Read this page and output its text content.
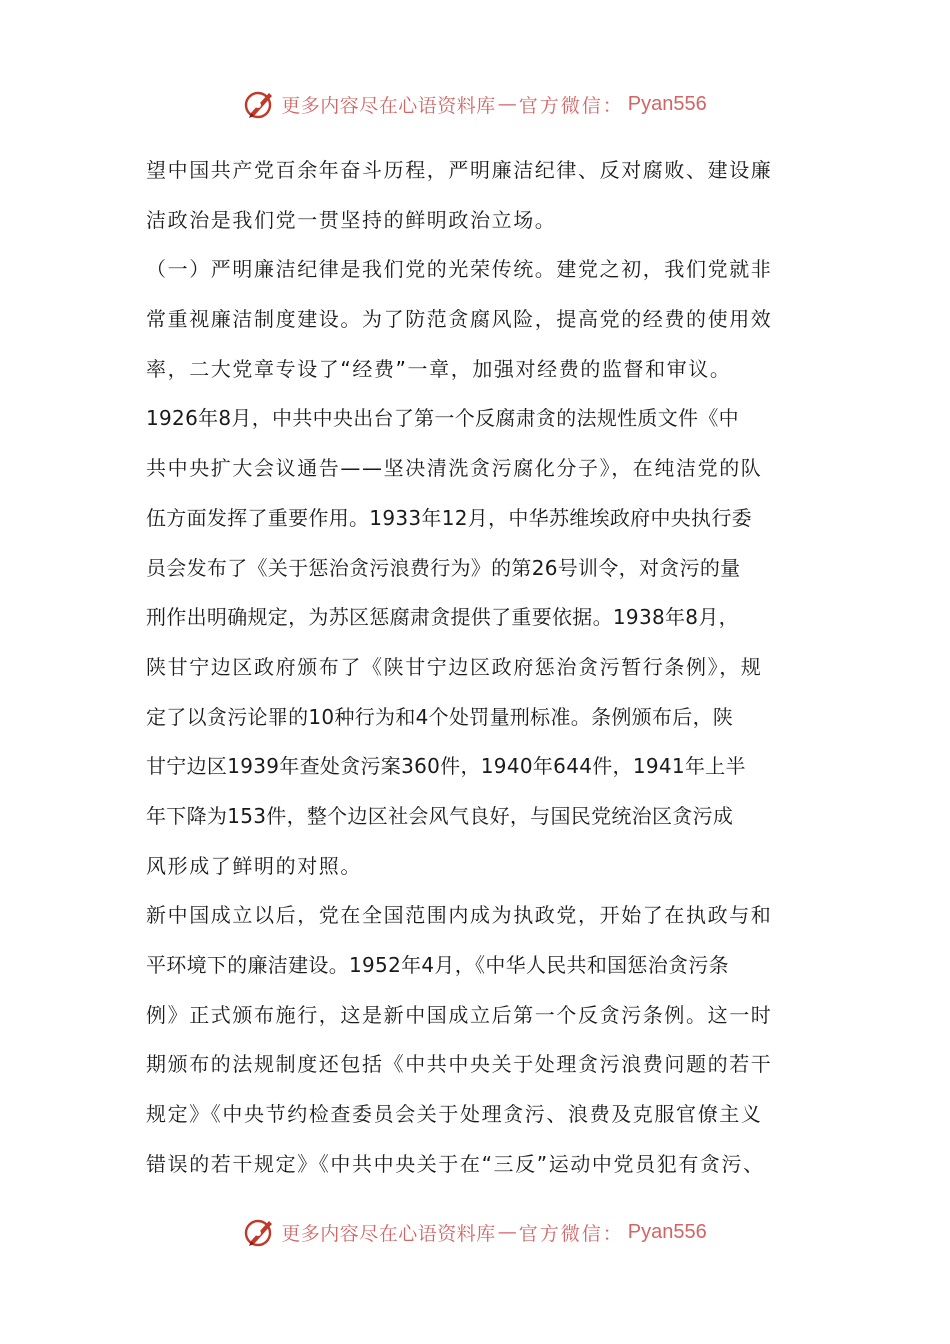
更多内容尽在心语资料库 — 官方微信： Pyan556
望中国共产党百余年奋斗历程，严明廉洁纪律、反对腐败、建设廉
洁政治是我们党一贯坚持的鲜明政治立场。
（一）严明廉洁纪律是我们党的光荣传统。建党之初，我们党就非
常重视廉洁制度建设。为了防范贪腐风险，提高党的经费的使用效
率，二大党章专设了“经费”一章，加强对经费的监督和审议。
1926年8月，中共中央出台了第一个反腐肃贪的法规性质文件《中
共中央扩大会议通告——坚决清洗贪污腐化分子》，在纯洁党的队
伍方面发挥了重要作用。1933年12月，中华苏维埃政府中央执行委
员会发布了《关于惩治贪污浪费行为》的第26号训令，对贪污的量
刑作出明确规定，为苏区惩腐肃贪提供了重要依据。1938年8月，
陕甘宁边区政府颁布了《陕甘宁边区政府惩治贪污暂行条例》，规
定了以贪污论罪的10种行为和4个处罚量刑标准。条例颁布后，陕
甘宁边区1939年查处贪污案360件，1940年644件，1941年上半
年下降为153件，整个边区社会风气良好，与国民党统治区贪污成
风形成了鲜明的对照。
新中国成立以后，党在全国范围内成为执政党，开始了在执政与和
平环境下的廉洁建设。1952年4月，《中华人民共和国惩治贪污条
例》正式颁布施行，这是新中国成立后第一个反贪污条例。这一时
期颁布的法规制度还包括《中共中央关于处理贪污浪费问题的若干
规定》《中央节约检查委员会关于处理贪污、浪费及克服官僚主义
错误的若干规定》《中共中央关于在“三反”运动中党员犯有贪污、
更多内容尽在心语资料库 — 官方微信： Pyan556
